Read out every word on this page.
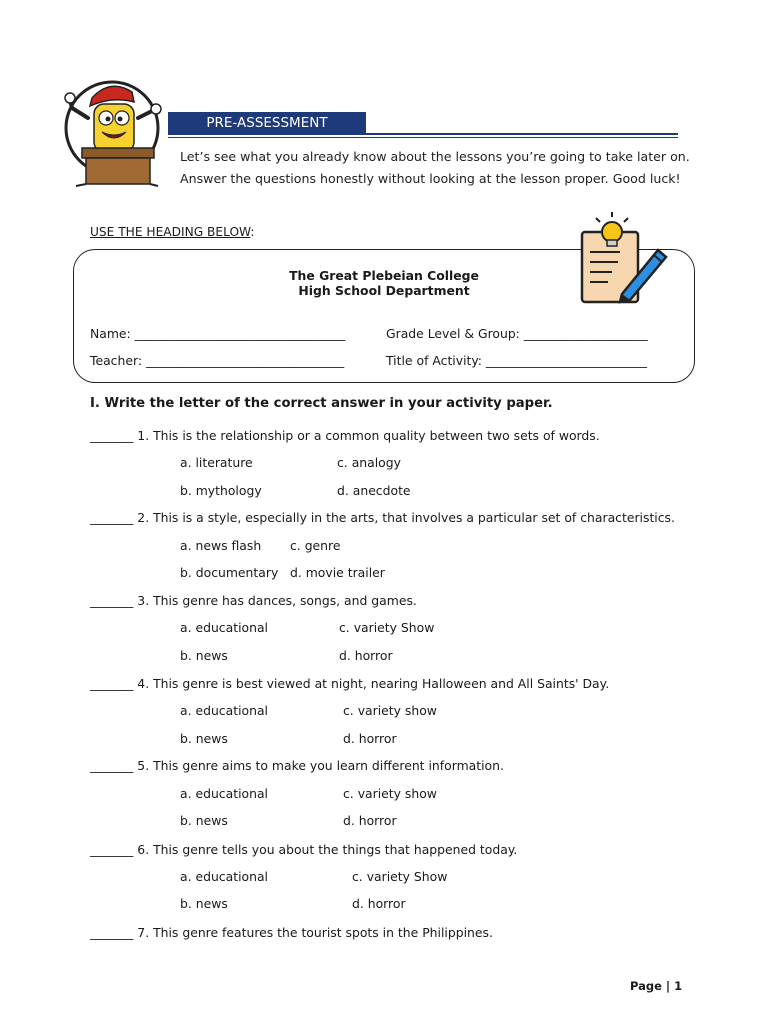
PRE-ASSESSMENT
Let’s see what you already know about the lessons you’re going to take later on.
Answer the questions honestly without looking at the lesson proper. Good luck!
USE THE HEADING BELOW:
The Great Plebeian College
High School Department
Name: __________________________________	Grade Level & Group: ____________________
Teacher: ________________________________	Title of Activity: __________________________
I. Write the letter of the correct answer in your activity paper.
_______ 1. This is the relationship or a common quality between two sets of words.
a. literature	c. analogy
b. mythology	d. anecdote
_______ 2. This is a style, especially in the arts, that involves a particular set of characteristics.
a. news flash c. genre
b. documentary d. movie trailer
_______ 3. This genre has dances, songs, and games.
a. educational	c. variety Show
b. news	d. horror
_______ 4. This genre is best viewed at night, nearing Halloween and All Saints' Day.
a. educational	c. variety show
b. news	d. horror
_______ 5. This genre aims to make you learn different information.
a. educational	c. variety show
b. news	d. horror
_______ 6. This genre tells you about the things that happened today.
a. educational	c. variety Show
b. news	d. horror
_______ 7. This genre features the tourist spots in the Philippines.
Page | 1
